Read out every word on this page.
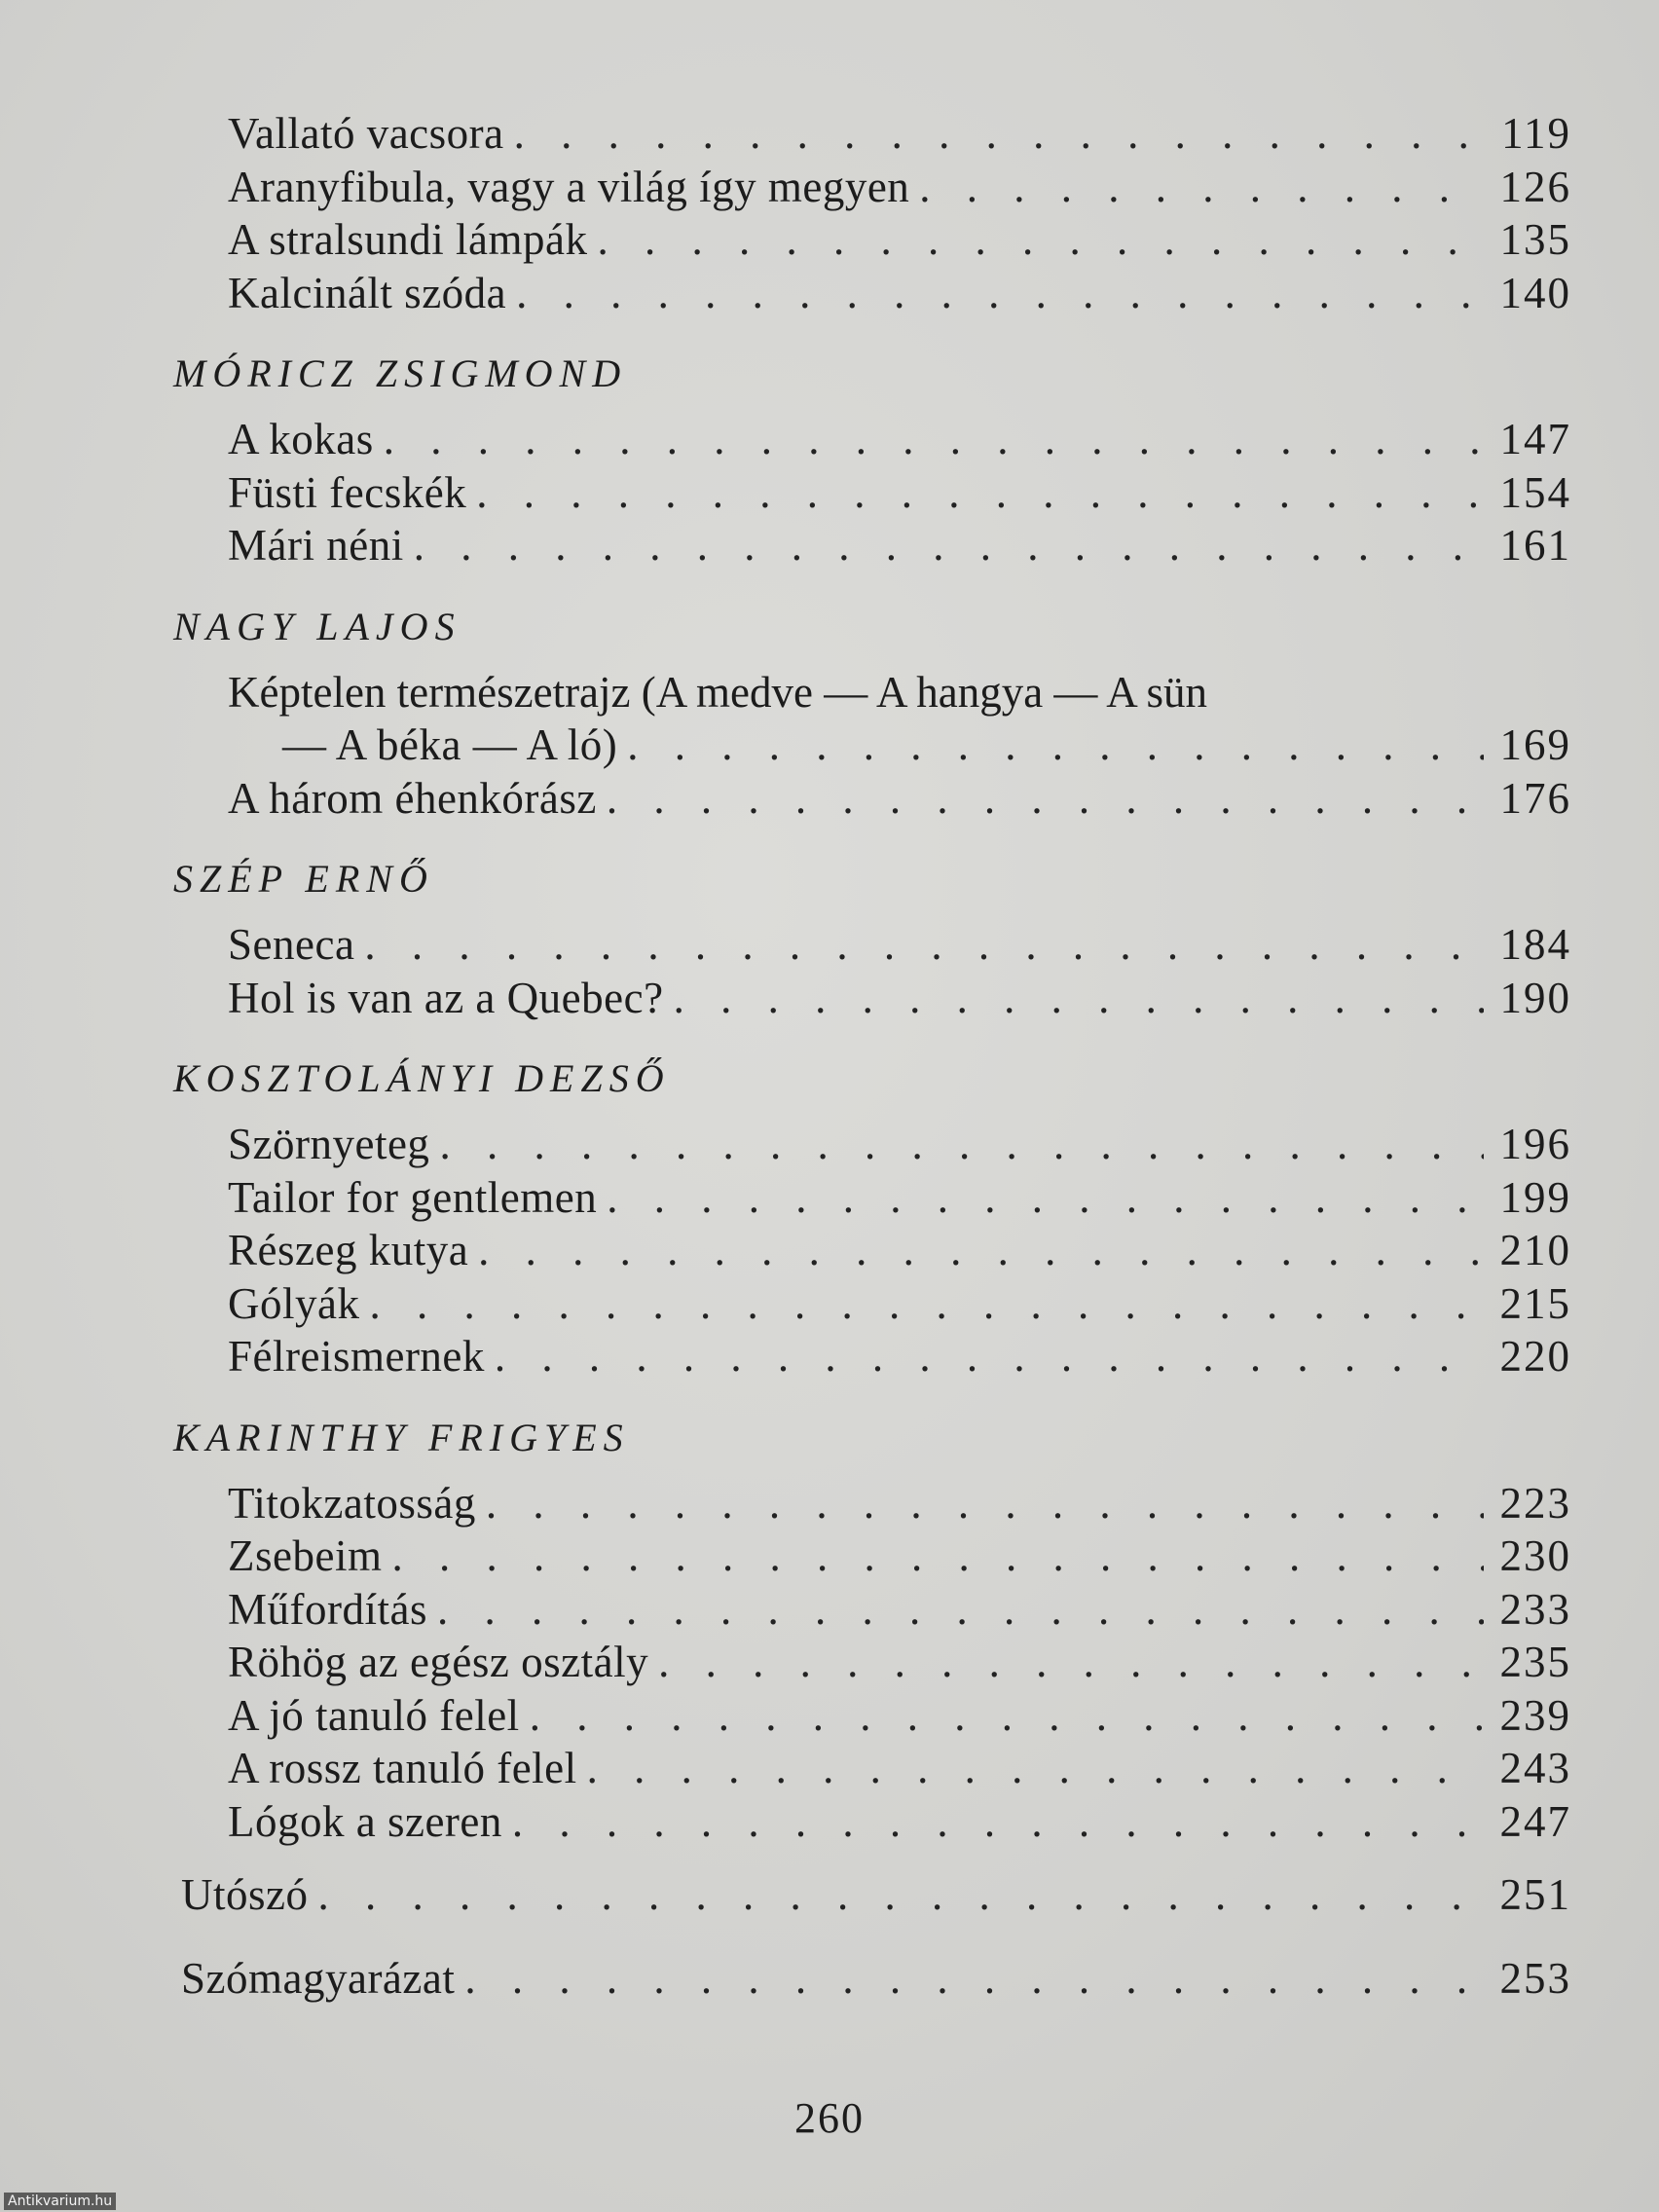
Vallató vacsora . . .	119
Aranyfibula, vagy a világ így megyen . . .	126
A stralsundi lámpák . . .	135
Kalcinált szóda . . .	140
MÓRICZ ZSIGMOND
A kokas . . .	147
Füsti fecskék . . .	154
Mári néni . . .	161
NAGY LAJOS
Képtelen természetrajz (A medve — A hangya — A sün
— A béka — A ló) . . .	169
A három éhenkórász . . .	176
SZÉP ERNŐ
Seneca . . .	184
Hol is van az a Quebec? . . .	190
KOSZTOLÁNYI DEZSŐ
Szörnyeteg . . .	196
Tailor for gentlemen . . .	199
Részeg kutya . . .	210
Gólyák . . .	215
Félreismernek . . .	220
KARINTHY FRIGYES
Titokzatosság . . .	223
Zsebeim . . .	230
Műfordítás . . .	233
Röhög az egész osztály . . .	235
A jó tanuló felel . . .	239
A rossz tanuló felel . . .	243
Lógok a szeren . . .	247
Utószó . . .	251
Szómagyarázat . . .	253
260
Antikvarium.hu
